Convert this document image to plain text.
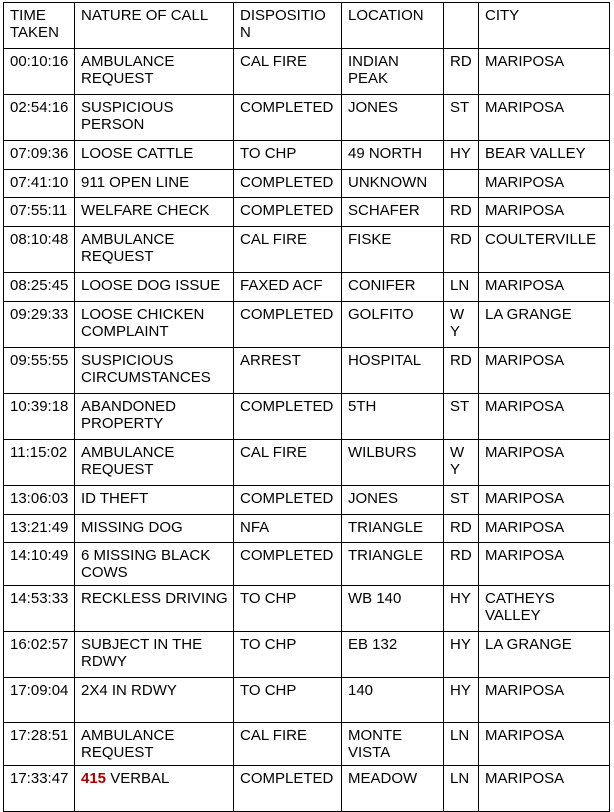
TIME TAKEN	NATURE OF CALL	DISPOSITION	LOCATION		CITY
00:10:16	AMBULANCE REQUEST	CAL FIRE	INDIAN PEAK	RD	MARIPOSA
02:54:16	SUSPICIOUS PERSON	COMPLETED	JONES	ST	MARIPOSA
07:09:36	LOOSE CATTLE	TO CHP	49 NORTH	HY	BEAR VALLEY
07:41:10	911 OPEN LINE	COMPLETED	UNKNOWN		MARIPOSA
07:55:11	WELFARE CHECK	COMPLETED	SCHAFER	RD	MARIPOSA
08:10:48	AMBULANCE REQUEST	CAL FIRE	FISKE	RD	COULTERVILLE
08:25:45	LOOSE DOG ISSUE	FAXED ACF	CONIFER	LN	MARIPOSA
09:29:33	LOOSE CHICKEN COMPLAINT	COMPLETED	GOLFITO	WY	LA GRANGE
09:55:55	SUSPICIOUS CIRCUMSTANCES	ARREST	HOSPITAL	RD	MARIPOSA
10:39:18	ABANDONED PROPERTY	COMPLETED	5TH	ST	MARIPOSA
11:15:02	AMBULANCE REQUEST	CAL FIRE	WILBURS	WY	MARIPOSA
13:06:03	ID THEFT	COMPLETED	JONES	ST	MARIPOSA
13:21:49	MISSING DOG	NFA	TRIANGLE	RD	MARIPOSA
14:10:49	6 MISSING BLACK COWS	COMPLETED	TRIANGLE	RD	MARIPOSA
14:53:33	RECKLESS DRIVING	TO CHP	WB 140	HY	CATHEYS VALLEY
16:02:57	SUBJECT IN THE RDWY	TO CHP	EB 132	HY	LA GRANGE
17:09:04	2X4 IN RDWY	TO CHP	140	HY	MARIPOSA
17:28:51	AMBULANCE REQUEST	CAL FIRE	MONTE VISTA	LN	MARIPOSA
17:33:47	415 VERBAL	COMPLETED	MEADOW	LN	MARIPOSA
